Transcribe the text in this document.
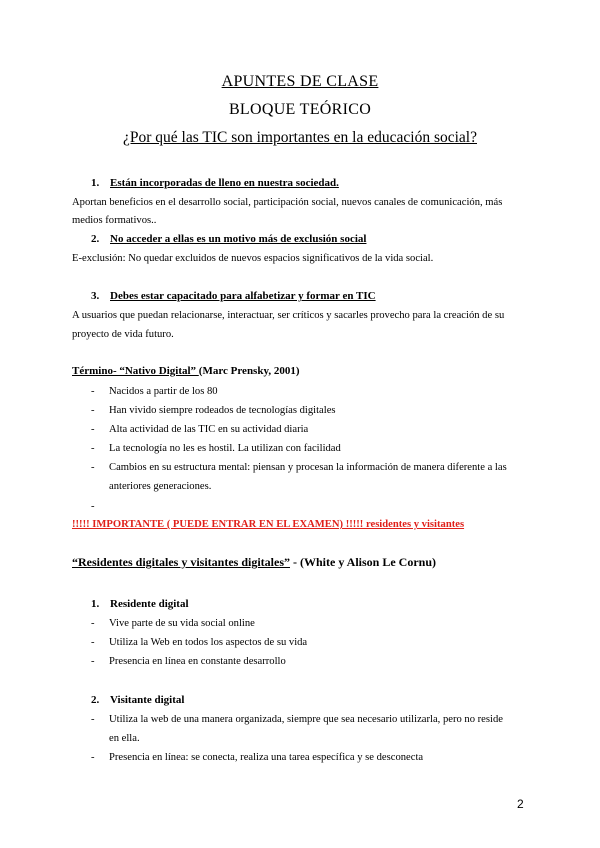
APUNTES DE CLASE
BLOQUE TEÓRICO
¿Por qué las TIC son importantes en la educación social?
1. Están incorporadas de lleno en nuestra sociedad.
Aportan beneficios en el desarrollo social, participación social, nuevos canales de comunicación, más
medios formativos..
2. No acceder a ellas es un motivo más de exclusión social
E-exclusión: No quedar excluidos de nuevos espacios significativos de la vida social.
3. Debes estar capacitado para alfabetizar y formar en TIC
A usuarios que puedan relacionarse, interactuar, ser críticos y sacarles provecho para la creación de su
proyecto de vida futuro.
Término- “Nativo Digital” (Marc Prensky, 2001)
- Nacidos a partir de los 80
- Han vivido siempre rodeados de tecnologías digitales
- Alta actividad de las TIC en su actividad diaria
- La tecnología no les es hostil. La utilizan con facilidad
- Cambios en su estructura mental: piensan y procesan la información de manera diferente a las
anteriores generaciones.
-
!!!!! IMPORTANTE ( PUEDE ENTRAR EN EL EXAMEN) !!!!! residentes y visitantes
“Residentes digitales y visitantes digitales” - (White y Alison Le Cornu)
1. Residente digital
- Vive parte de su vida social online
- Utiliza la Web en todos los aspectos de su vida
- Presencia en línea en constante desarrollo
2. Visitante digital
- Utiliza la web de una manera organizada, siempre que sea necesario utilizarla, pero no reside
en ella.
- Presencia en línea: se conecta, realiza una tarea específica y se desconecta
2
